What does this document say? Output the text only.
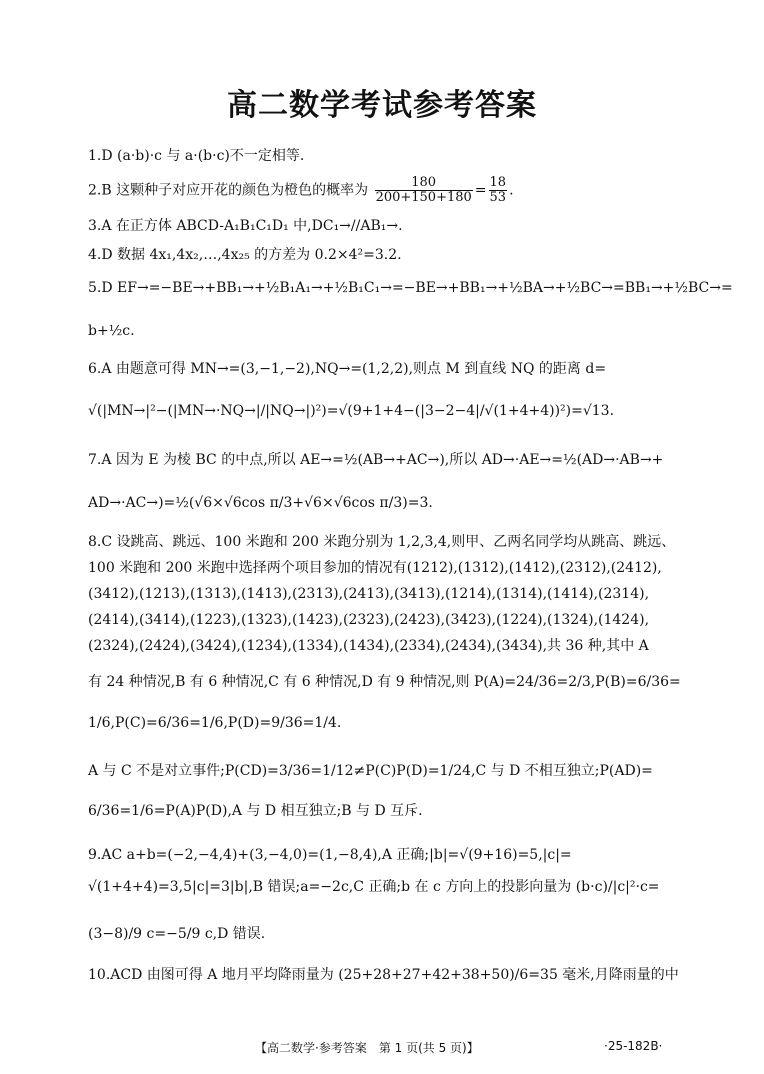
高二数学考试参考答案
1.D (a·b)·c 与 a·(b·c)不一定相等.
2.B 这颗种子对应开花的颜色为橙色的概率为 $\frac{180}{200+150+180} = \frac{18}{53}$ .
3.A 在正方体 ABCD-A₁B₁C₁D₁ 中,DC₁→//AB₁→.
4.D 数据 4x₁,4x₂,…,4x₂₅ 的方差为 0.2×4²=3.2.
5.D EF→=−BE→+BB₁→+½B₁A₁→+½B₁C₁→=−BE→+BB₁→+½BA→+½BC→=BB₁→+½BC→=
b+½c.
6.A 由题意可得 MN→=(3,−1,−2),NQ→=(1,2,2),则点 M 到直线 NQ 的距离 d=
√(|MN→|²−(|MN→·NQ→|/|NQ→|)²)=√(9+1+4−(|3−2−4|/√(1+4+4))²)=√13.
7.A 因为 E 为棱 BC 的中点,所以 AE→=½(AB→+AC→),所以 AD→·AE→=½(AD→·AB→+
AD→·AC→)=½(√6×√6cos π/3+√6×√6cos π/3)=3.
8.C 设跳高、跳远、100 米跑和 200 米跑分别为 1,2,3,4,则甲、乙两名同学均从跳高、跳远、
100 米跑和 200 米跑中选择两个项目参加的情况有(1212),(1312),(1412),(2312),(2412),
(3412),(1213),(1313),(1413),(2313),(2413),(3413),(1214),(1314),(1414),(2314),
(2414),(3414),(1223),(1323),(1423),(2323),(2423),(3423),(1224),(1324),(1424),
(2324),(2424),(3424),(1234),(1334),(1434),(2334),(2434),(3434),共 36 种,其中 A
有 24 种情况,B 有 6 种情况,C 有 6 种情况,D 有 9 种情况,则 P(A)=24/36=2/3,P(B)=6/36=
1/6,P(C)=6/36=1/6,P(D)=9/36=1/4.
A 与 C 不是对立事件;P(CD)=3/36=1/12≠P(C)P(D)=1/24,C 与 D 不相互独立;P(AD)=
6/36=1/6=P(A)P(D),A 与 D 相互独立;B 与 D 互斥.
9.AC a+b=(−2,−4,4)+(3,−4,0)=(1,−8,4),A 正确;|b|=√(9+16)=5,|c|=
√(1+4+4)=3,5|c|=3|b|,B 错误;a=−2c,C 正确;b 在 c 方向上的投影向量为 (b·c)/|c|²·c=
(3−8)/9 c=−5/9 c,D 错误.
10.ACD 由图可得 A 地月平均降雨量为 (25+28+27+42+38+50)/6=35 毫米,月降雨量的中
【高二数学·参考答案　第 1 页(共 5 页)】	·25-182B·
